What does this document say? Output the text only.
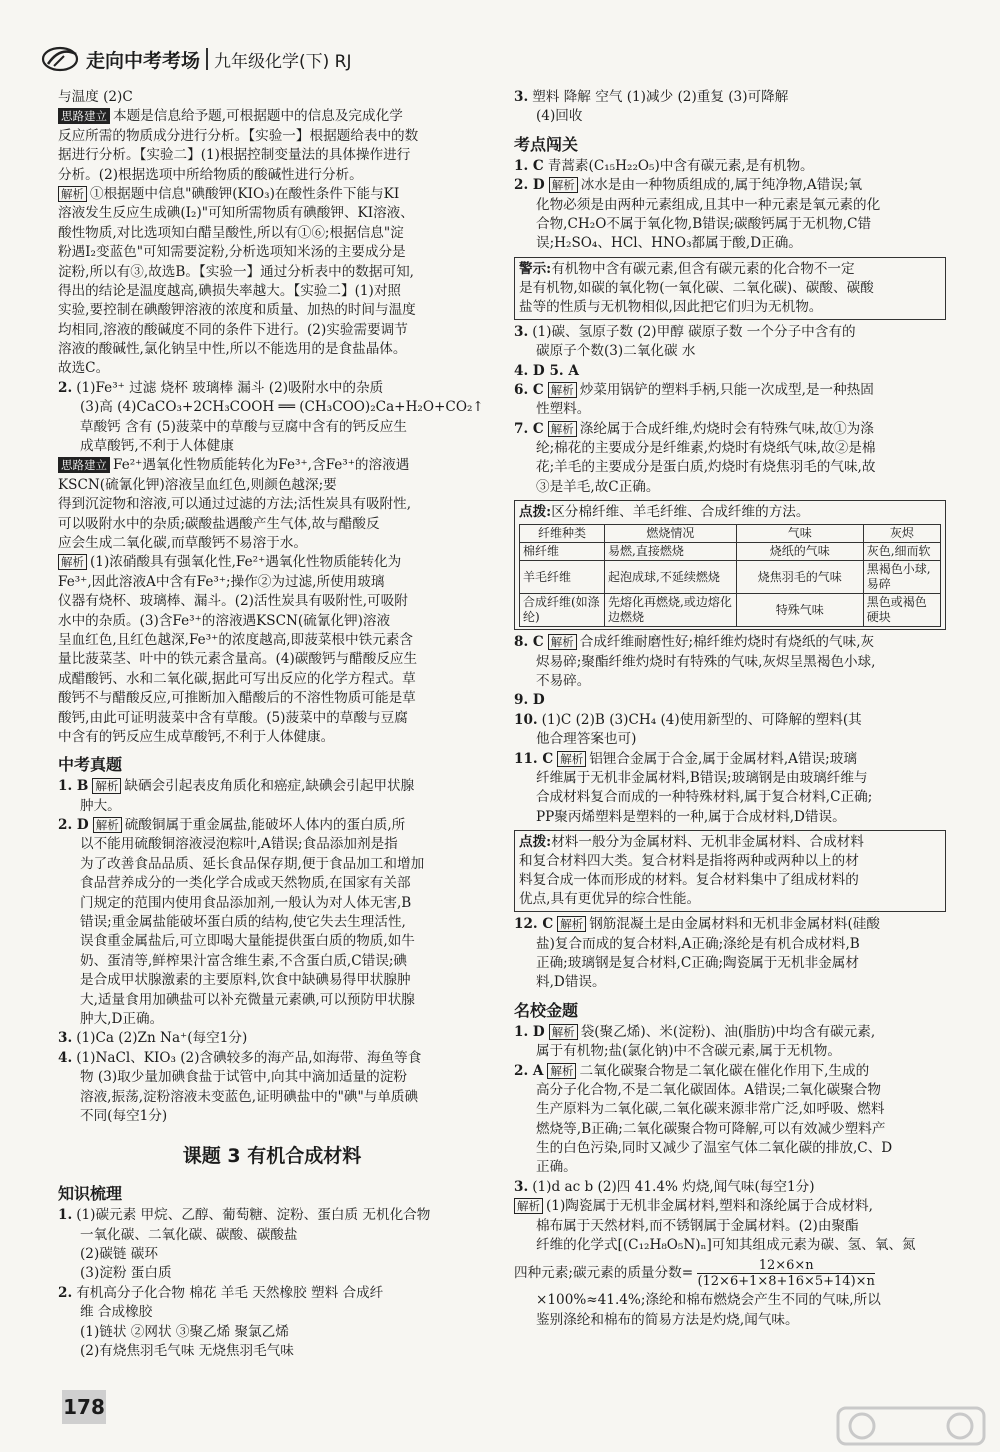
走向中考考场 九年级化学(下) RJ
与温度 (2)C
思路建立 本题是信息给予题,可根据题中的信息及完成化学
反应所需的物质成分进行分析。【实验一】根据题给表中的数
据进行分析。【实验二】(1)根据控制变量法的具体操作进行
分析。(2)根据选项中所给物质的酸碱性进行分析。
解析 ①根据题中信息"碘酸钾(KIO₃)在酸性条件下能与KI
溶液发生反应生成碘(I₂)"可知所需物质有碘酸钾、KI溶液、
酸性物质,对比选项知白醋呈酸性,所以有①⑥;根据信息"淀
粉遇I₂变蓝色"可知需要淀粉,分析选项知米汤的主要成分是
淀粉,所以有③,故选B。【实验一】通过分析表中的数据可知,
得出的结论是温度越高,碘损失率越大。【实验二】(1)对照
实验,要控制在碘酸钾溶液的浓度和质量、加热的时间与温度
均相同,溶液的酸碱度不同的条件下进行。(2)实验需要调节
溶液的酸碱性,氯化钠呈中性,所以不能选用的是食盐晶体。
故选C。
2. (1)Fe³⁺ 过滤 烧杯 玻璃棒 漏斗 (2)吸附水中的杂质
(3)高 (4)CaCO₃+2CH₃COOH ══ (CH₃COO)₂Ca+H₂O+CO₂↑
草酸钙 含有 (5)菠菜中的草酸与豆腐中含有的钙反应生
成草酸钙,不利于人体健康
思路建立 Fe²⁺遇氧化性物质能转化为Fe³⁺,含Fe³⁺的溶液遇
KSCN(硫氰化钾)溶液呈血红色,则颜色越深;要
得到沉淀物和溶液,可以通过过滤的方法;活性炭具有吸附性,
可以吸附水中的杂质;碳酸盐遇酸产生气体,故与醋酸反
应会生成二氧化碳,而草酸钙不易溶于水。
解析 (1)浓硝酸具有强氧化性,Fe²⁺遇氧化性物质能转化为
Fe³⁺,因此溶液A中含有Fe³⁺;操作②为过滤,所使用玻璃
仪器有烧杯、玻璃棒、漏斗。(2)活性炭具有吸附性,可吸附
水中的杂质。(3)含Fe³⁺的溶液遇KSCN(硫氰化钾)溶液
呈血红色,且红色越深,Fe³⁺的浓度越高,即菠菜根中铁元素含
量比菠菜茎、叶中的铁元素含量高。(4)碳酸钙与醋酸反应生
成醋酸钙、水和二氧化碳,据此可写出反应的化学方程式。草
酸钙不与醋酸反应,可推断加入醋酸后的不溶性物质可能是草
酸钙,由此可证明菠菜中含有草酸。(5)菠菜中的草酸与豆腐
中含有的钙反应生成草酸钙,不利于人体健康。
中考真题
1. B 解析 缺硒会引起表皮角质化和癌症,缺碘会引起甲状腺
肿大。
2. D 解析 硫酸铜属于重金属盐,能破坏人体内的蛋白质,所
以不能用硫酸铜溶液浸泡粽叶,A错误;食品添加剂是指
为了改善食品品质、延长食品保存期,便于食品加工和增加
食品营养成分的一类化学合成或天然物质,在国家有关部
门规定的范围内使用食品添加剂,一般认为对人体无害,B
错误;重金属盐能破坏蛋白质的结构,使它失去生理活性,
误食重金属盐后,可立即喝大量能提供蛋白质的物质,如牛
奶、蛋清等,鲜榨果汁富含维生素,不含蛋白质,C错误;碘
是合成甲状腺激素的主要原料,饮食中缺碘易得甲状腺肿
大,适量食用加碘盐可以补充微量元素碘,可以预防甲状腺
肿大,D正确。
3. (1)Ca (2)Zn Na⁺(每空1分)
4. (1)NaCl、KIO₃ (2)含碘较多的海产品,如海带、海鱼等食
物 (3)取少量加碘食盐于试管中,向其中滴加适量的淀粉
溶液,振荡,淀粉溶液未变蓝色,证明碘盐中的"碘"与单质碘
不同(每空1分)
课题 3 有机合成材料
知识梳理
1. (1)碳元素 甲烷、乙醇、葡萄糖、淀粉、蛋白质 无机化合物
一氧化碳、二氧化碳、碳酸、碳酸盐
(2)碳链 碳环
(3)淀粉 蛋白质
2. 有机高分子化合物 棉花 羊毛 天然橡胶 塑料 合成纤
维 合成橡胶
(1)链状 ②网状 ③聚乙烯 聚氯乙烯
(2)有烧焦羽毛气味 无烧焦羽毛气味
3. 塑料 降解 空气 (1)减少 (2)重复 (3)可降解
(4)回收
考点闯关
1. C 青蒿素(C₁₅H₂₂O₅)中含有碳元素,是有机物。
2. D 解析 冰水是由一种物质组成的,属于纯净物,A错误;氧
化物必须是由两种元素组成,且其中一种元素是氧元素的化
合物,CH₂O不属于氧化物,B错误;碳酸钙属于无机物,C错
误;H₂SO₄、HCl、HNO₃都属于酸,D正确。
警示:有机物中含有碳元素,但含有碳元素的化合物不一定
是有机物,如碳的氧化物(一氧化碳、二氧化碳)、碳酸、碳酸
盐等的性质与无机物相似,因此把它们归为无机物。
3. (1)碳、氢原子数 (2)甲醇 碳原子数 一个分子中含有的
碳原子个数(3)二氧化碳 水
4. D 5. A
6. C 解析 炒菜用锅铲的塑料手柄,只能一次成型,是一种热固
性塑料。
7. C 解析 涤纶属于合成纤维,灼烧时会有特殊气味,故①为涤
纶;棉花的主要成分是纤维素,灼烧时有烧纸气味,故②是棉
花;羊毛的主要成分是蛋白质,灼烧时有烧焦羽毛的气味,故
③是羊毛,故C正确。
点拨:区分棉纤维、羊毛纤维、合成纤维的方法。
纤维种类	燃烧情况	气味	灰烬
棉纤维	易燃,直接燃烧	烧纸的气味	灰色,细而软
羊毛纤维	起泡成球,不延续燃烧	烧焦羽毛的气味	黑褐色小球,易碎
合成纤维(如涤纶)	先熔化再燃烧,或边熔化边燃烧	特殊气味	黑色或褐色硬块
8. C 解析 合成纤维耐磨性好;棉纤维灼烧时有烧纸的气味,灰
烬易碎;聚酯纤维灼烧时有特殊的气味,灰烬呈黑褐色小球,
不易碎。
9. D
10. (1)C (2)B (3)CH₄ (4)使用新型的、可降解的塑料(其
他合理答案也可)
11. C 解析 铝锂合金属于合金,属于金属材料,A错误;玻璃
纤维属于无机非金属材料,B错误;玻璃钢是由玻璃纤维与
合成材料复合而成的一种特殊材料,属于复合材料,C正确;
PP聚丙烯塑料是塑料的一种,属于合成材料,D错误。
点拨:材料一般分为金属材料、无机非金属材料、合成材料
和复合材料四大类。复合材料是指将两种或两种以上的材
料复合成一体而形成的材料。复合材料集中了组成材料的
优点,具有更优异的综合性能。
12. C 解析 钢筋混凝土是由金属材料和无机非金属材料(硅酸
盐)复合而成的复合材料,A正确;涤纶是有机合成材料,B
正确;玻璃钢是复合材料,C正确;陶瓷属于无机非金属材
料,D错误。
名校金题
1. D 解析 袋(聚乙烯)、米(淀粉)、油(脂肪)中均含有碳元素,
属于有机物;盐(氯化钠)中不含碳元素,属于无机物。
2. A 解析 二氧化碳聚合物是二氧化碳在催化作用下,生成的
高分子化合物,不是二氧化碳固体。A错误;二氧化碳聚合物
生产原料为二氧化碳,二氧化碳来源非常广泛,如呼吸、燃料
燃烧等,B正确;二氧化碳聚合物可降解,可以有效减少塑料产
生的白色污染,同时又减少了温室气体二氧化碳的排放,C、D
正确。
3. (1)d ac b (2)四 41.4% 灼烧,闻气味(每空1分)
解析 (1)陶瓷属于无机非金属材料,塑料和涤纶属于合成材料,
棉布属于天然材料,而不锈钢属于金属材料。(2)由聚酯
纤维的化学式[(C₁₂H₈O₅N)ₙ]可知其组成元素为碳、氢、氧、氮
四种元素;碳元素的质量分数= $\frac{12\times 6\times n}{(12\times 6+1\times 8+16\times 5+14)\times n}$
×100%≈41.4%;涤纶和棉布燃烧会产生不同的气味,所以
鉴别涤纶和棉布的简易方法是灼烧,闻气味。
178
